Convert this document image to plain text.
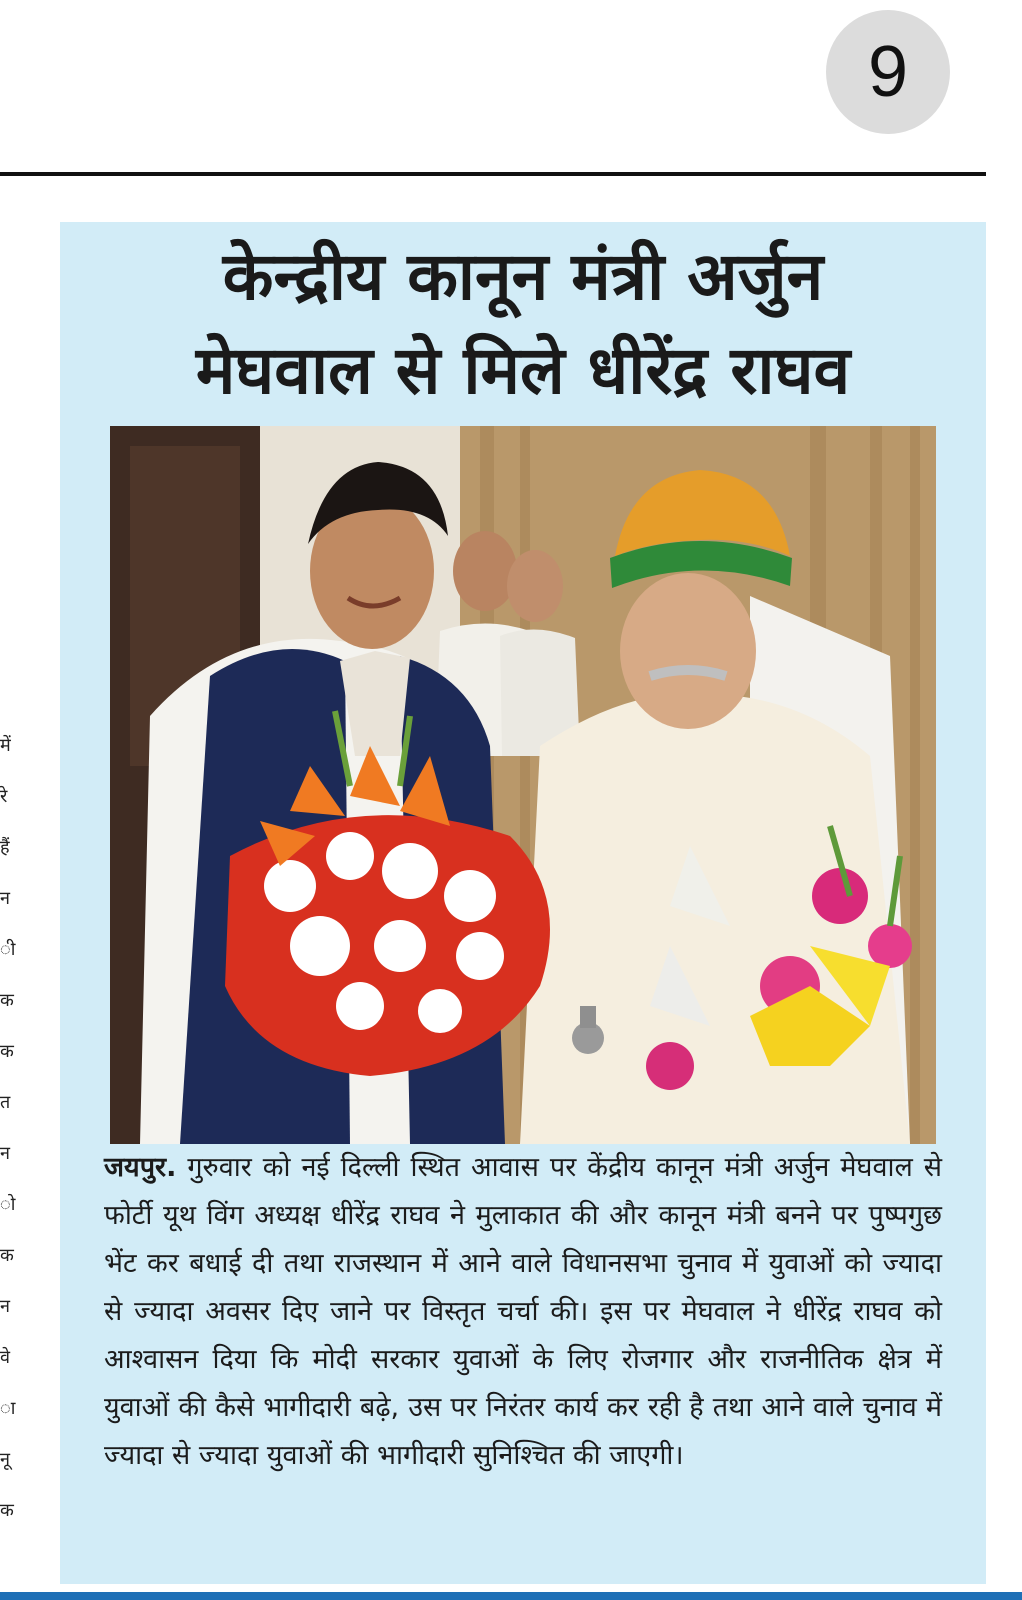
9
में
रे
हैं
न
ी
क
क
त
न
ो
क
न
वे
ा
नू
क
केन्द्रीय कानून मंत्री अर्जुन
मेघवाल से मिले धीरेंद्र राघव
जयपुर. गुरुवार को नई दिल्ली स्थित आवास पर केंद्रीय कानून मंत्री अर्जुन मेघवाल से फोर्टी यूथ विंग अध्यक्ष धीरेंद्र राघव ने मुलाकात की और कानून मंत्री बनने पर पुष्पगुछ भेंट कर बधाई दी तथा राजस्थान में आने वाले विधानसभा चुनाव में युवाओं को ज्यादा से ज्यादा अवसर दिए जाने पर विस्तृत चर्चा की। इस पर मेघवाल ने धीरेंद्र राघव को आश्वासन दिया कि मोदी सरकार युवाओं के लिए रोजगार और राजनीतिक क्षेत्र में युवाओं की कैसे भागीदारी बढ़े, उस पर निरंतर कार्य कर रही है तथा आने वाले चुनाव में ज्यादा से ज्यादा युवाओं की भागीदारी सुनिश्चित की जाएगी।
